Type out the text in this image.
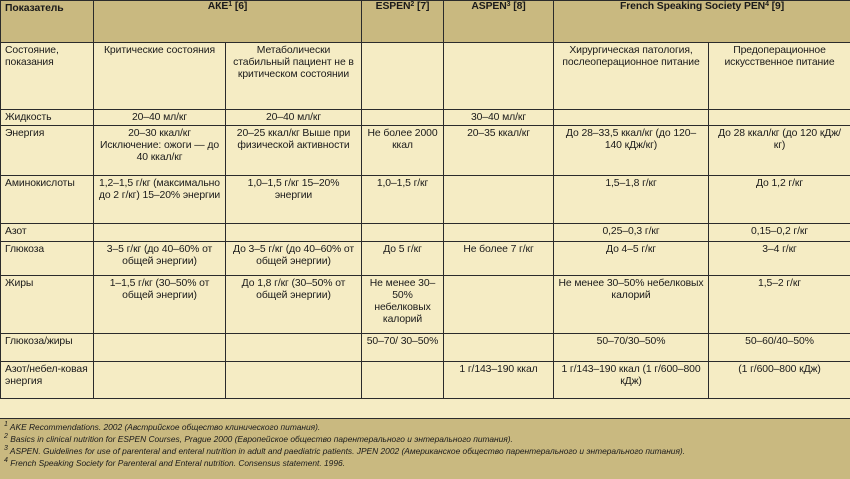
Показатель	АКЕ$^1$ [6]		ESPEN$^2$ [7]	ASPEN$^3$ [8]	French Speaking Society PEN$^4$ [9]	
Состояние, показания	Критические состояния	Метаболически стабильный пациент не в критическом состоянии			Хирургическая патология, послеоперационное питание	Предоперационное искусственное питание
Жидкость	20–40 мл/кг	20–40 мл/кг		30–40 мл/кг		
Энергия	20–30 ккал/кг Исключение: ожоги — до 40 ккал/кг	20–25 ккал/кг Выше при физической активности	Не более 2000 ккал	20–35 ккал/кг	До 28–33,5 ккал/кг (до 120–140 кДж/кг)	До 28 ккал/кг (до 120 кДж/кг)
Аминокислоты	1,2–1,5 г/кг (максимально до 2 г/кг) 15–20% энергии	1,0–1,5 г/кг 15–20% энергии	1,0–1,5 г/кг		1,5–1,8 г/кг	До 1,2 г/кг
Азот					0,25–0,3 г/кг	0,15–0,2 г/кг
Глюкоза	3–5 г/кг (до 40–60% от общей энергии)	До 3–5 г/кг (до 40–60% от общей энергии)	До 5 г/кг	Не более 7 г/кг	До 4–5 г/кг	3–4 г/кг
Жиры	1–1,5 г/кг (30–50% от общей энергии)	До 1,8 г/кг (30–50% от общей энергии)	Не менее 30–50% небелковых калорий		Не менее 30–50% небелковых калорий	1,5–2 г/кг
Глюкоза/жиры			50–70/ 30–50%		50–70/30–50%	50–60/40–50%
Азот/небел-ковая энергия				1 г/143–190 ккал	1 г/143–190 ккал (1 г/600–800 кДж)	(1 г/600–800 кДж)
$^1$ AKE Recommendations. 2002 (Австрийское общество клинического питания).
$^2$ Basics in clinical nutrition for ESPEN Courses, Prague 2000 (Европейское общество парентерального и энтерального питания).
$^3$ ASPEN. Guidelines for use of parenteral and enteral nutrition in adult and paediatric patients. JPEN 2002 (Американское общество парентерального и энтерального питания).
$^4$ French Speaking Society for Parenteral and Enteral nutrition. Consensus statement. 1996.
